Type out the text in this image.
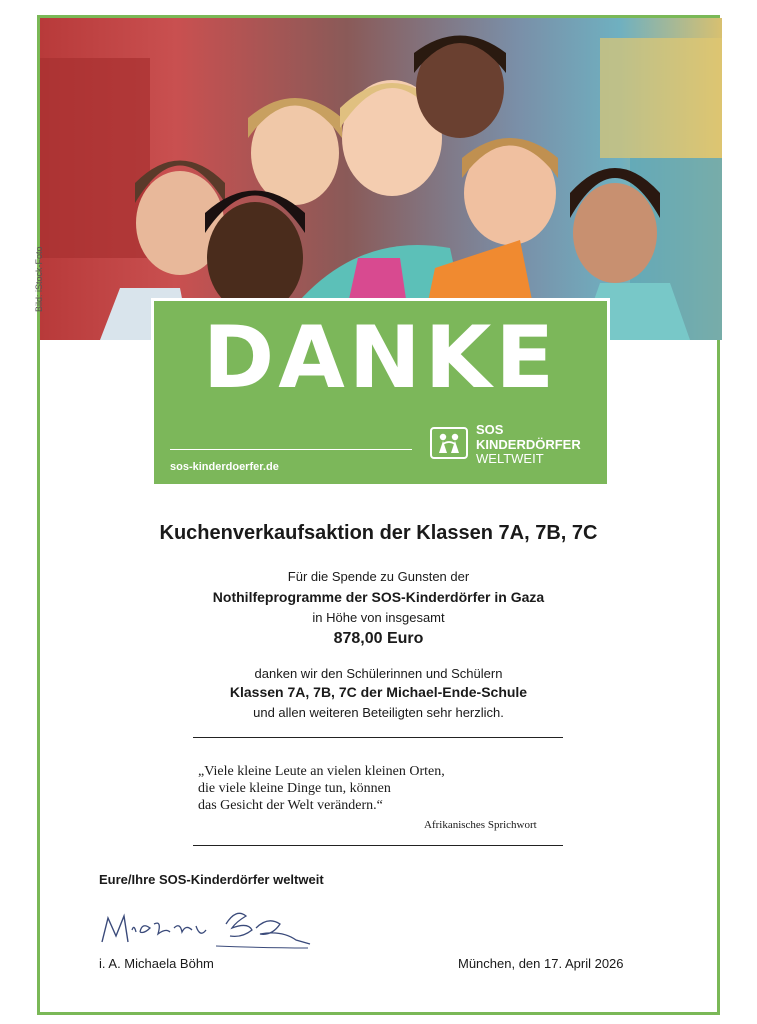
Bild: iStock-Foto
DANKE
sos-kinderdoerfer.de
SOS
KINDERDÖRFER
WELTWEIT
Kuchenverkaufsaktion der Klassen 7A, 7B, 7C
Für die Spende zu Gunsten der
Nothilfeprogramme der SOS-Kinderdörfer in Gaza
in Höhe von insgesamt
878,00 Euro
danken wir den Schülerinnen und Schülern
Klassen 7A, 7B, 7C der Michael-Ende-Schule
und allen weiteren Beteiligten sehr herzlich.
„Viele kleine Leute an vielen kleinen Orten,
die viele kleine Dinge tun, können
das Gesicht der Welt verändern.“
Afrikanisches Sprichwort
Eure/Ihre SOS-Kinderdörfer weltweit
i. A. Michaela Böhm	München, den 17. April 2026
